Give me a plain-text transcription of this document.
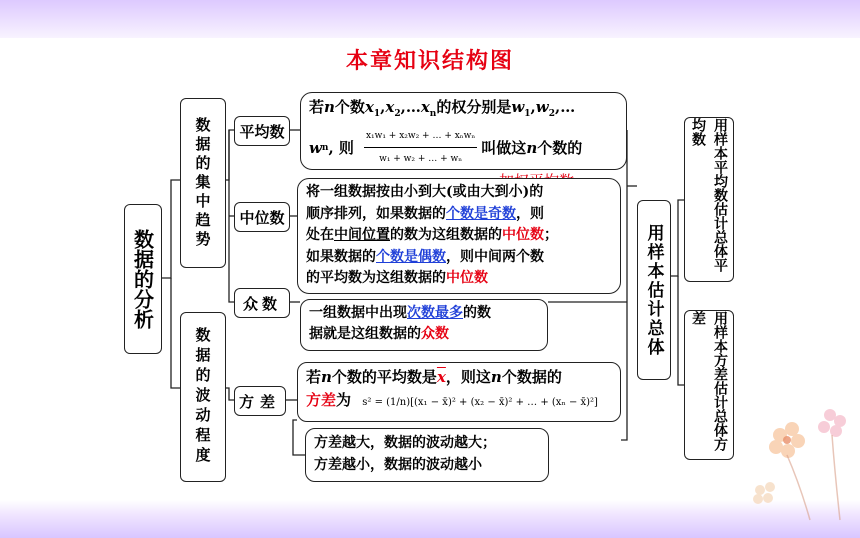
本章知识结构图
数据的分析
数据的集中趋势
数据的波动程度
平均数
中位数
众数
方差
若n个数$x_1,x_2,\dots x_n$的权分别是$w_1,w_2,\dots$
w n , 则
x₁w₁ + x₂w₂ + … + xₙwₙ
w₁ + w₂ + … + wₙ
叫做这 n 个数的
将一组数据按由小到大(或由大到小)的
顺序排列，如果数据的个数是奇数，则
处在中间位置的数为这组数据的中位数；
如果数据的个数是偶数，则中间两个数
的平均数为这组数据的中位数
一组数据中出现次数最多的数
据就是这组数据的众数
若n个数的平均数是$\overline{x}$，则这n个数据的
方差为 s² = (1/n)[(x₁ − x̄)² + (x₂ − x̄)² + … + (xₙ − x̄)²]
方差越大，数据的波动越大；
方差越小，数据的波动越小
用样本估计总体
用样本平均数估计总体平均数
用样本方差估计总体方差
